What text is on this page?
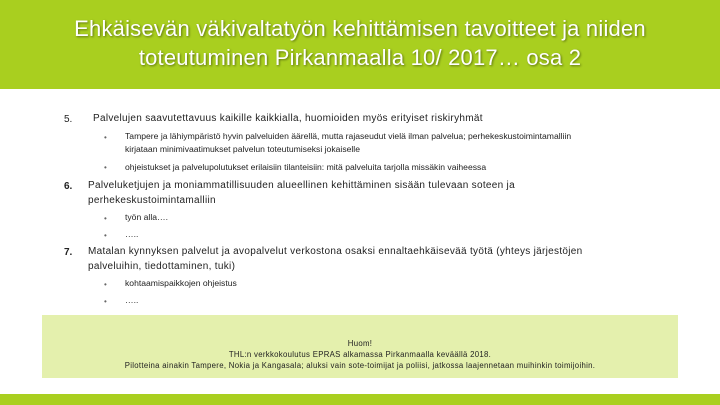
Ehkäisevän väkivaltatyön kehittämisen tavoitteet ja niiden toteutuminen Pirkanmaalla 10/ 2017… osa 2
5. Palvelujen saavutettavuus kaikille kaikkialla, huomioiden myös erityiset riskiryhmät
• Tampere ja lähiympäristö hyvin palveluiden äärellä, mutta rajaseudut vielä ilman palvelua; perhekeskustoimintamalliin
kirjataan minimivaatimukset palvelun toteutumiseksi jokaiselle
• ohjeistukset ja palvelupolutukset erilaisiin tilanteisiin: mitä palveluita tarjolla missäkin vaiheessa
6. Palveluketjujen ja moniammatillisuuden alueellinen kehittäminen sisään tulevaan soteen ja
perhekeskustoimintamalliin
• työn alla….
• …..
7. Matalan kynnyksen palvelut ja avopalvelut verkostona osaksi ennaltaehkäisevää työtä (yhteys järjestöjen
palveluihin, tiedottaminen, tuki)
• kohtaamispaikkojen ohjeistus
• …..
Huom!
THL:n verkkokoulutus EPRAS alkamassa Pirkanmaalla keväällä 2018.
Pilotteina ainakin Tampere, Nokia ja Kangasala; aluksi vain sote-toimijat ja poliisi, jatkossa laajennetaan muihinkin toimijoihin.
